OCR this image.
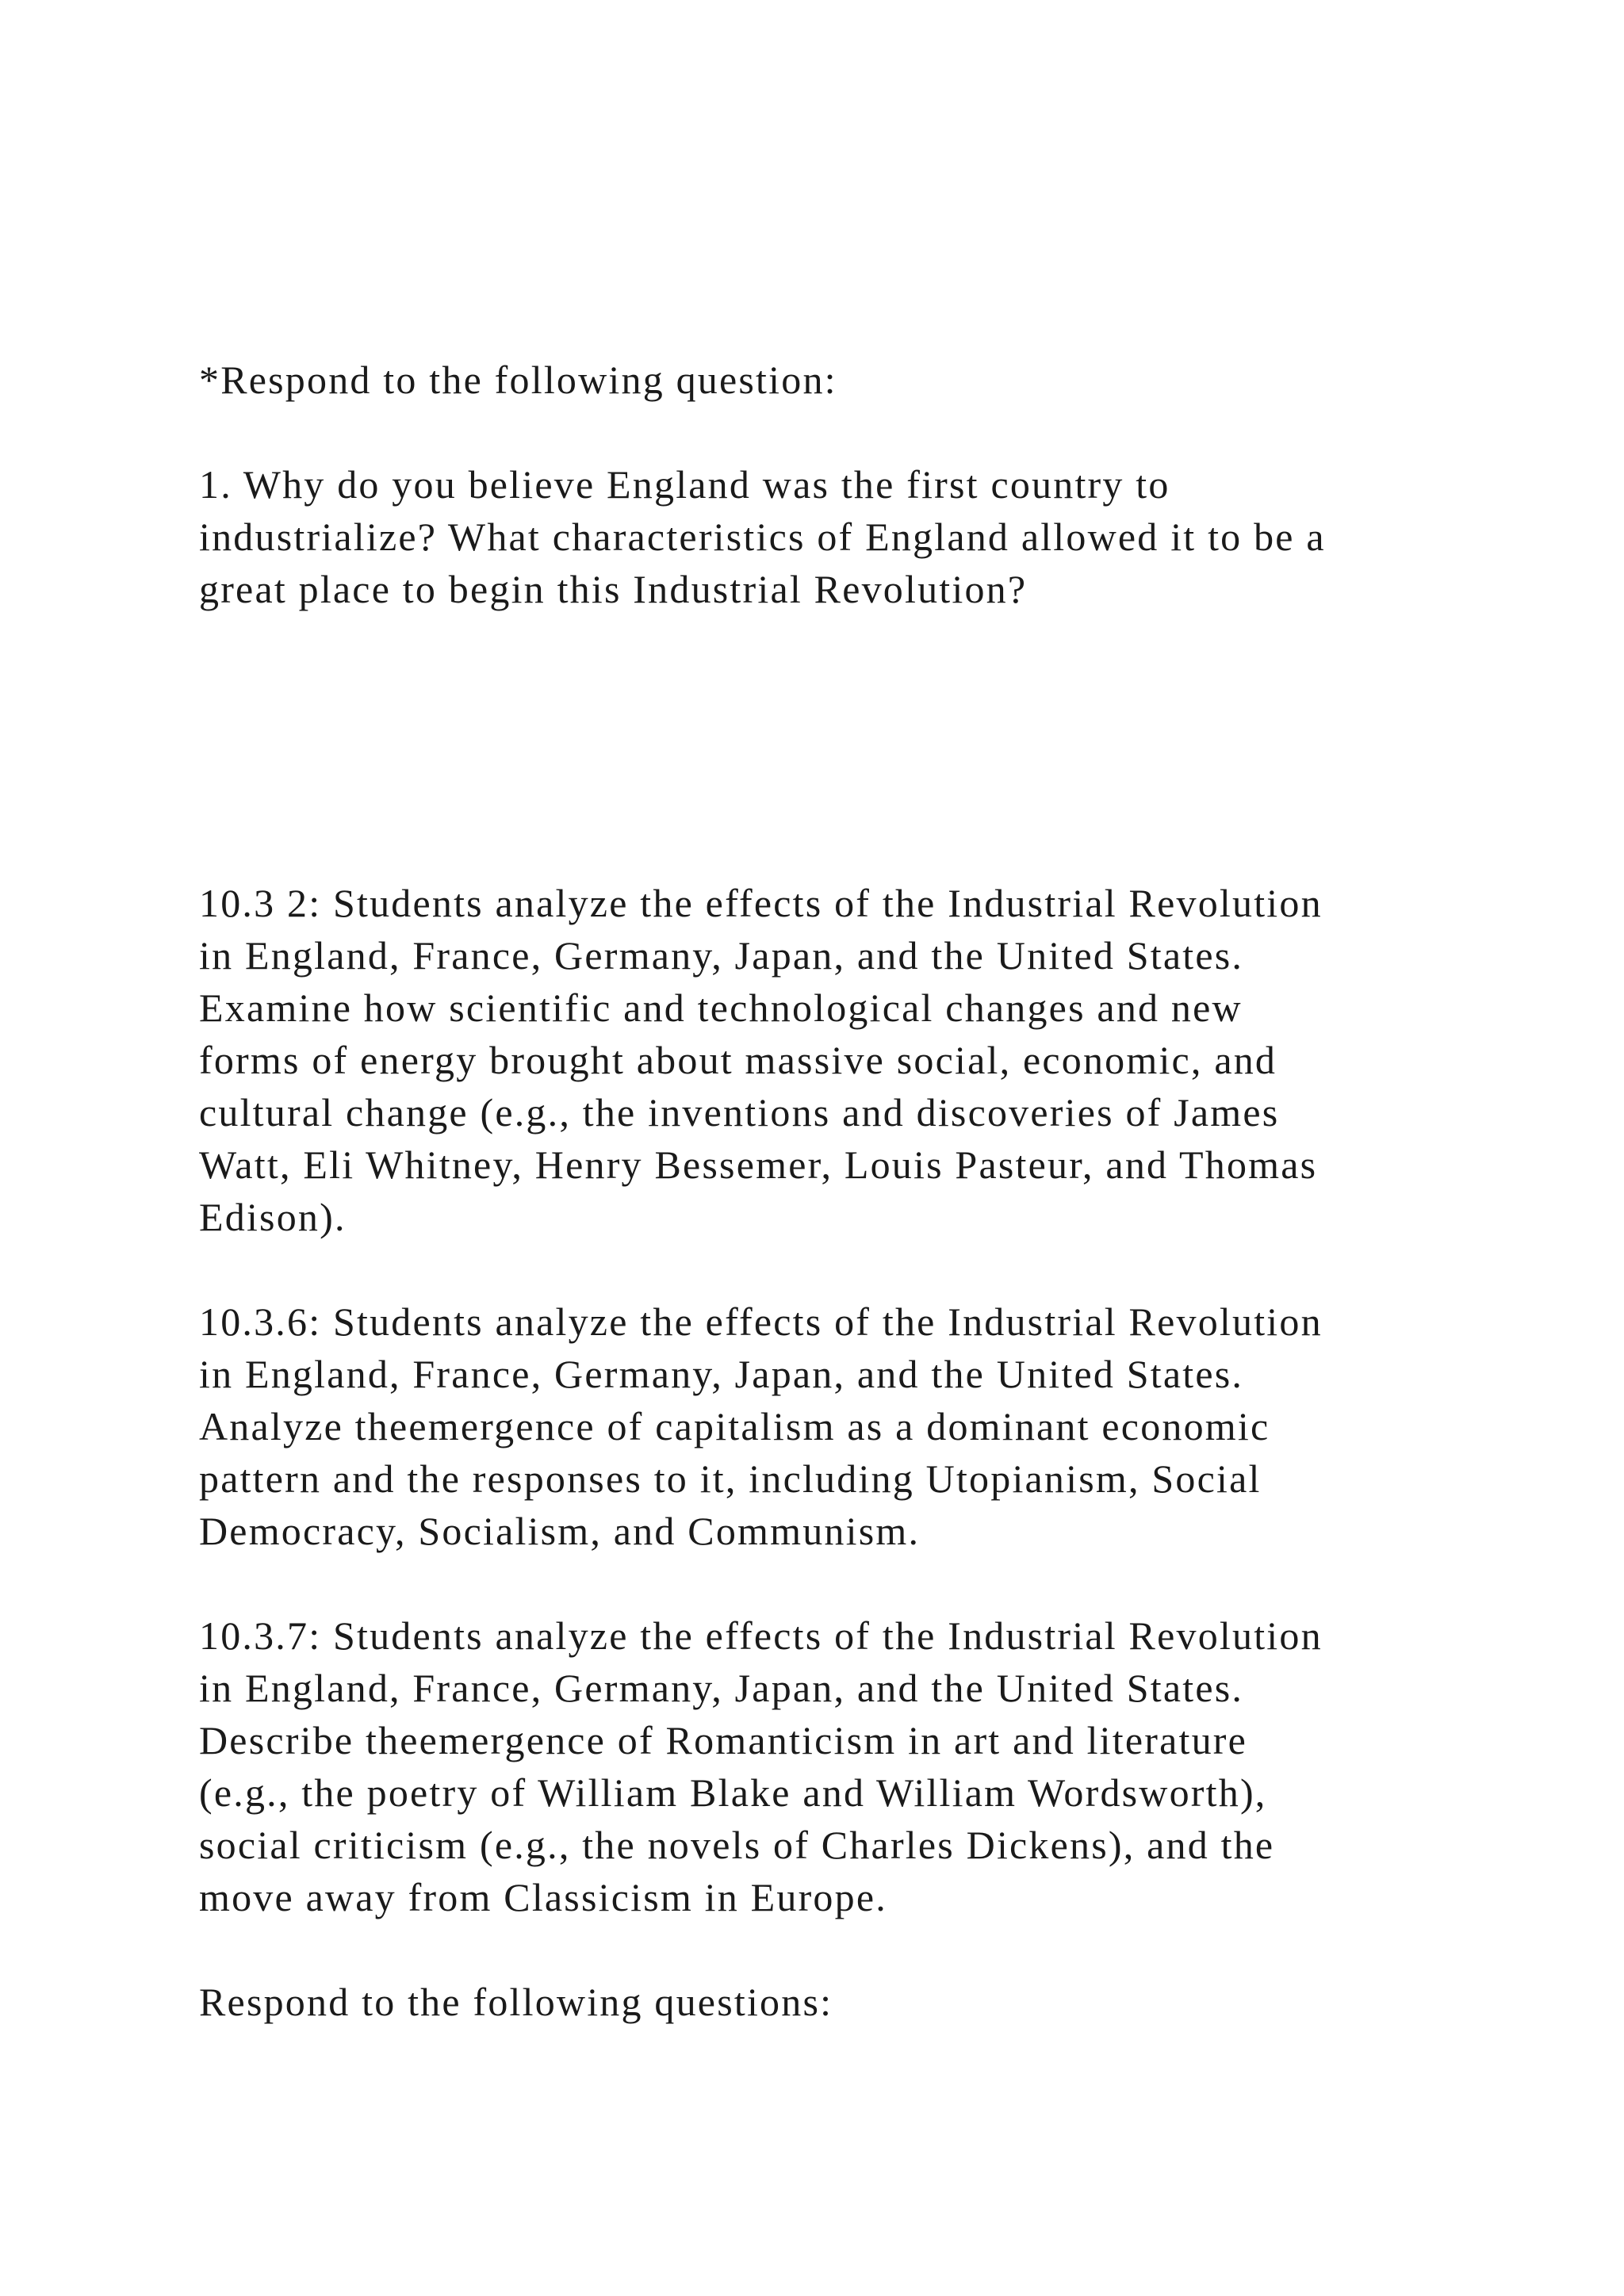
*Respond to the following question:

1. Why do you believe England was the first country to

industrialize? What characteristics of England allowed it to be a

great place to begin this Industrial Revolution?

10.3 2: Students analyze the effects of the Industrial Revolution

in England, France, Germany, Japan, and the United States.

Examine how scientific and technological changes and new

forms of energy brought about massive social, economic, and

cultural change (e.g., the inventions and discoveries of James

Watt, Eli Whitney, Henry Bessemer, Louis Pasteur, and Thomas

Edison).

10.3.6: Students analyze the effects of the Industrial Revolution

in England, France, Germany, Japan, and the United States.

Analyze theemergence of capitalism as a dominant economic

pattern and the responses to it, including Utopianism, Social

Democracy, Socialism, and Communism.

10.3.7: Students analyze the effects of the Industrial Revolution

in England, France, Germany, Japan, and the United States.

Describe theemergence of Romanticism in art and literature

(e.g., the poetry of William Blake and William Wordsworth),

social criticism (e.g., the novels of Charles Dickens), and the

move away from Classicism in Europe.

Respond to the following questions:
